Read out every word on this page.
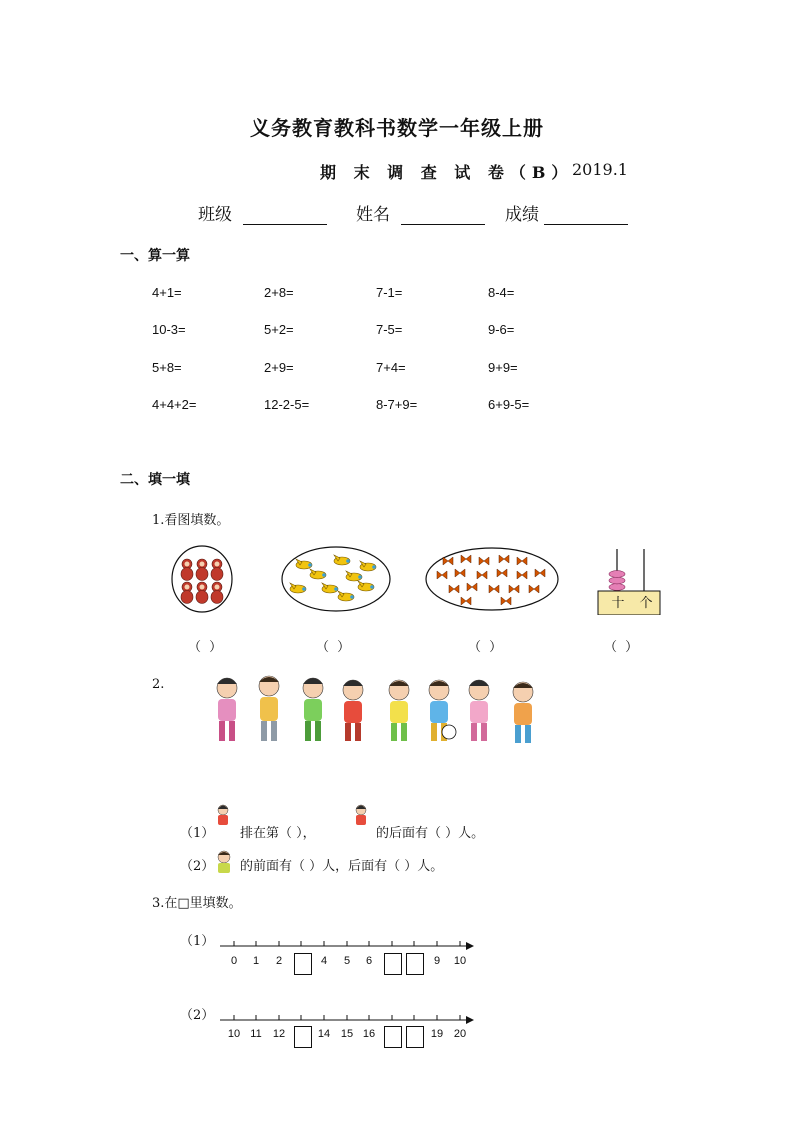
义务教育教科书数学一年级上册
期 末 调 查 试 卷（B）
2019.1
班级	姓名	成绩
一、算一算
4+1=	2+8=	7-1=	8-4=
10-3=	5+2=	7-5=	9-6=
5+8=	2+9=	7+4=	9+9=
4+4+2=	12-2-5=	8-7+9=	6+9-5=
二、填一填
1.看图填数。
十 个
（ ）	（ ）	（ ）	（ ）
2.
（1） 排在第（ ），	的后面有（ ）人。
（2） 的前面有（ ）人，后面有（ ）人。
3.在□里填数。
（1）
0 1 2	4 5 6	9 10
（2）
10 11 12	14 15 16	19 20
